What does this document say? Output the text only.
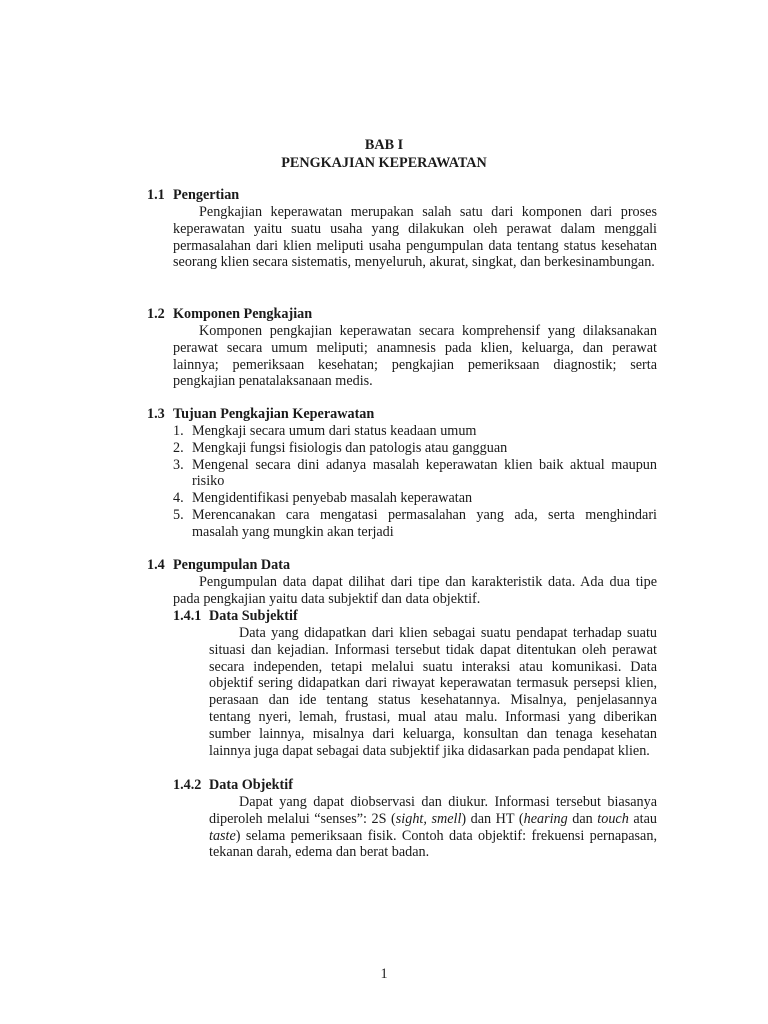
BAB I
PENGKAJIAN KEPERAWATAN
1.1 Pengertian
Pengkajian keperawatan merupakan salah satu dari komponen dari proses keperawatan yaitu suatu usaha yang dilakukan oleh perawat dalam menggali permasalahan dari klien meliputi usaha pengumpulan data tentang status kesehatan seorang klien secara sistematis, menyeluruh, akurat, singkat, dan berkesinambungan.
1.2 Komponen Pengkajian
Komponen pengkajian keperawatan secara komprehensif yang dilaksanakan perawat secara umum meliputi; anamnesis pada klien, keluarga, dan perawat lainnya; pemeriksaan kesehatan; pengkajian pemeriksaan diagnostik; serta pengkajian penatalaksanaan medis.
1.3 Tujuan Pengkajian Keperawatan
1. Mengkaji secara umum dari status keadaan umum
2. Mengkaji fungsi fisiologis dan patologis atau gangguan
3. Mengenal secara dini adanya masalah keperawatan klien baik aktual maupun risiko
4. Mengidentifikasi penyebab masalah keperawatan
5. Merencanakan cara mengatasi permasalahan yang ada, serta menghindari masalah yang mungkin akan terjadi
1.4 Pengumpulan Data
Pengumpulan data dapat dilihat dari tipe dan karakteristik data. Ada dua tipe pada pengkajian yaitu data subjektif dan data objektif.
1.4.1 Data Subjektif
Data yang didapatkan dari klien sebagai suatu pendapat terhadap suatu situasi dan kejadian. Informasi tersebut tidak dapat ditentukan oleh perawat secara independen, tetapi melalui suatu interaksi atau komunikasi. Data objektif sering didapatkan dari riwayat keperawatan termasuk persepsi klien, perasaan dan ide tentang status kesehatannya. Misalnya, penjelasannya tentang nyeri, lemah, frustasi, mual atau malu. Informasi yang diberikan sumber lainnya, misalnya dari keluarga, konsultan dan tenaga kesehatan lainnya juga dapat sebagai data subjektif jika didasarkan pada pendapat klien.
1.4.2 Data Objektif
Dapat yang dapat diobservasi dan diukur. Informasi tersebut biasanya diperoleh melalui “senses”: 2S (sight, smell) dan HT (hearing dan touch atau taste) selama pemeriksaan fisik. Contoh data objektif: frekuensi pernapasan, tekanan darah, edema dan berat badan.
1
